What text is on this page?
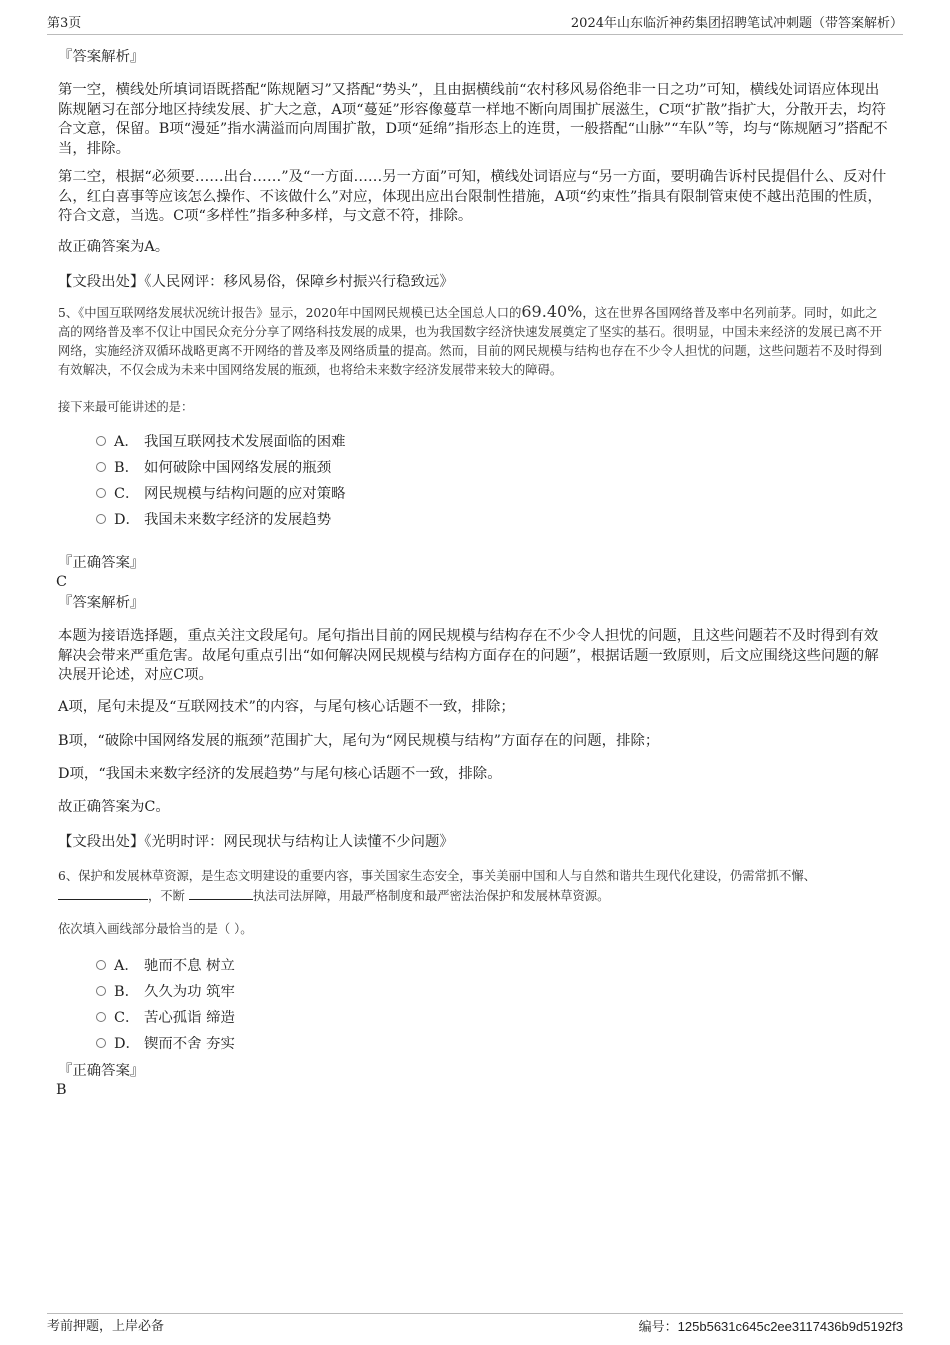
第3页	2024年山东临沂神药集团招聘笔试冲刺题（带答案解析）
『答案解析』
第一空，横线处所填词语既搭配“陈规陋习”又搭配“势头”，且由据横线前“农村移风易俗绝非一日之功”可知，横线处词语应体现出陈规陋习在部分地区持续发展、扩大之意，A项“蔓延”形容像蔓草一样地不断向周围扩展滋生，C项“扩散”指扩大，分散开去，均符合文意，保留。B项“漫延”指水满溢而向周围扩散，D项“延绵”指形态上的连贯，一般搭配“山脉”“车队”等，均与“陈规陋习”搭配不当，排除。
第二空，根据“必须要……出台……”及“一方面……另一方面”可知，横线处词语应与“另一方面，要明确告诉村民提倡什么、反对什么，红白喜事等应该怎么操作、不该做什么”对应，体现出应出台限制性措施，A项“约束性”指具有限制管束使不越出范围的性质，符合文意，当选。C项“多样性”指多种多样，与文意不符，排除。
故正确答案为A。
【文段出处】《人民网评：移风易俗，保障乡村振兴行稳致远》
5、《中国互联网络发展状况统计报告》显示，2020年中国网民规模已达全国总人口的69.40%，这在世界各国网络普及率中名列前茅。同时，如此之高的网络普及率不仅让中国民众充分分享了网络科技发展的成果，也为我国数字经济快速发展奠定了坚实的基石。很明显，中国未来经济的发展已离不开网络，实施经济双循环战略更离不开网络的普及率及网络质量的提高。然而，目前的网民规模与结构也存在不少令人担忧的问题，这些问题若不及时得到有效解决，不仅会成为未来中国网络发展的瓶颈，也将给未来数字经济发展带来较大的障碍。
接下来最可能讲述的是：
A． 我国互联网技术发展面临的困难
B． 如何破除中国网络发展的瓶颈
C． 网民规模与结构问题的应对策略
D． 我国未来数字经济的发展趋势
『正确答案』
C
『答案解析』
本题为接语选择题，重点关注文段尾句。尾句指出目前的网民规模与结构存在不少令人担忧的问题，且这些问题若不及时得到有效解决会带来严重危害。故尾句重点引出“如何解决网民规模与结构方面存在的问题”，根据话题一致原则，后文应围绕这些问题的解决展开论述，对应C项。
A项，尾句未提及“互联网技术”的内容，与尾句核心话题不一致，排除；
B项，“破除中国网络发展的瓶颈”范围扩大，尾句为“网民规模与结构”方面存在的问题，排除；
D项，“我国未来数字经济的发展趋势”与尾句核心话题不一致，排除。
故正确答案为C。
【文段出处】《光明时评：网民现状与结构让人读懂不少问题》
6、保护和发展林草资源，是生态文明建设的重要内容，事关国家生态安全，事关美丽中国和人与自然和谐共生现代化建设，仍需常抓不懈、
，不断	执法司法屏障，用最严格制度和最严密法治保护和发展林草资源。
依次填入画线部分最恰当的是（ ）。
A． 驰而不息 树立
B． 久久为功 筑牢
C． 苦心孤诣 缔造
D． 锲而不舍 夯实
『正确答案』
B
考前押题，上岸必备	编号：125b5631c645c2ee3117436b9d5192f3
